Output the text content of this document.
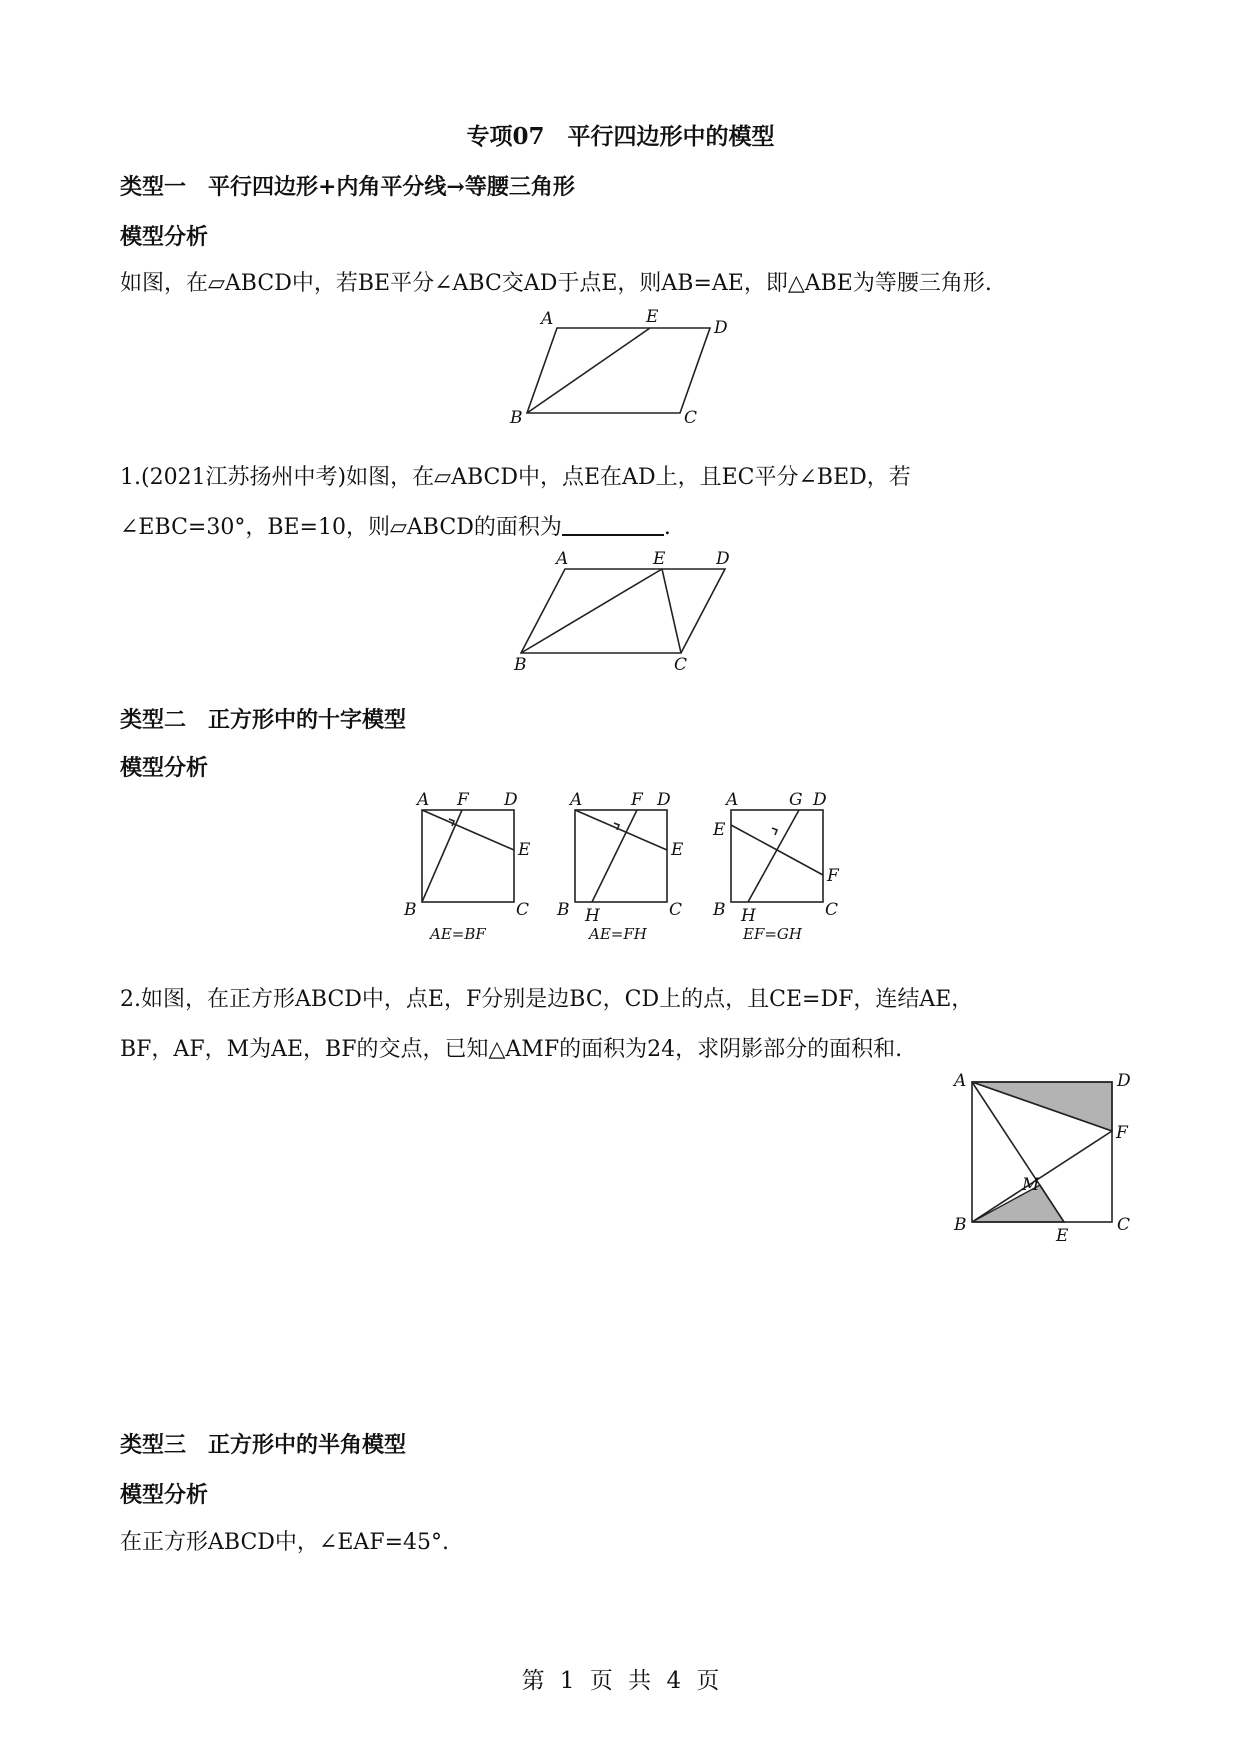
专项07　平行四边形中的模型
类型一　平行四边形+内角平分线→等腰三角形
模型分析
如图，在▱ABCD中，若BE平分∠ABC交AD于点E，则AB=AE，即△ABE为等腰三角形.
A	E
D
B	C
1.(2021江苏扬州中考)如图，在▱ABCD中，点E在AD上，且EC平分∠BED，若
∠EBC=30°，BE=10，则▱ABCD的面积为	.
A	E	D
B	C
类型二　正方形中的十字模型
模型分析
A F D
E
B	C
AE=BF
A	F D
E
B H	C
AE=FH
A	G D
E
F
B H	C
EF=GH
2.如图，在正方形ABCD中，点E，F分别是边BC，CD上的点，且CE=DF，连结AE，
BF，AF，M为AE，BF的交点，已知△AMF的面积为24，求阴影部分的面积和.
A	D
F
M
B
E
C
类型三　正方形中的半角模型
模型分析
在正方形ABCD中，∠EAF=45°.
第 1 页 共 4 页
